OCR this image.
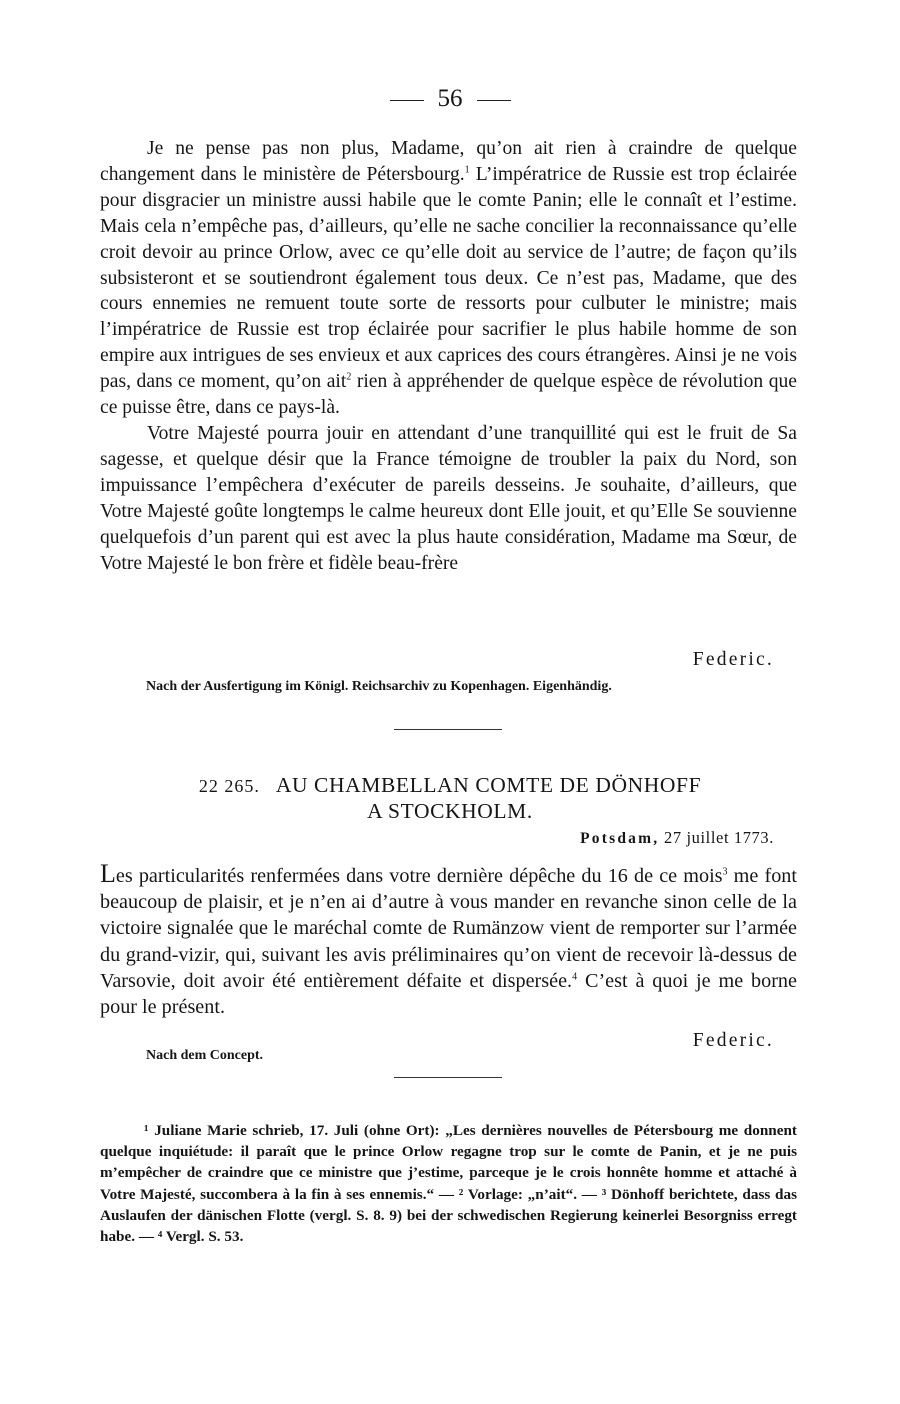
56

Je ne pense pas non plus, Madame, qu’on ait rien à craindre de quelque changement dans le ministère de Pétersbourg.$^1$ L’impératrice de Russie est trop éclairée pour disgracier un ministre aussi habile que le comte Panin; elle le connaît et l’estime. Mais cela n’empêche pas, d’ailleurs, qu’elle ne sache concilier la reconnaissance qu’elle croit devoir au prince Orlow, avec ce qu’elle doit au service de l’autre; de façon qu’ils subsisteront et se soutiendront également tous deux. Ce n’est pas, Madame, que des cours ennemies ne remuent toute sorte de ressorts pour culbuter le ministre; mais l’impératrice de Russie est trop éclairée pour sacrifier le plus habile homme de son empire aux intrigues de ses envieux et aux caprices des cours étrangères. Ainsi je ne vois pas, dans ce moment, qu’on ait$^2$ rien à appréhender de quelque espèce de révolution que ce puisse être, dans ce pays-là.

Votre Majesté pourra jouir en attendant d’une tranquillité qui est le fruit de Sa sagesse, et quelque désir que la France témoigne de troubler la paix du Nord, son impuissance l’empêchera d’exécuter de pareils desseins. Je souhaite, d’ailleurs, que Votre Majesté goûte longtemps le calme heureux dont Elle jouit, et qu’Elle Se souvienne quelquefois d’un parent qui est avec la plus haute considération, Madame ma Sœur, de Votre Majesté le bon frère et fidèle beau-frère

Federic.
Nach der Ausfertigung im Königl. Reichsarchiv zu Kopenhagen. Eigenhändig.
22 265. AU CHAMBELLAN COMTE DE DÖNHOFF
A STOCKHOLM.
Potsdam, 27 juillet 1773.

Les particularités renfermées dans votre dernière dépêche du 16 de ce mois$^3$ me font beaucoup de plaisir, et je n’en ai d’autre à vous mander en revanche sinon celle de la victoire signalée que le maréchal comte de Rumänzow vient de remporter sur l’armée du grand-vizir, qui, suivant les avis préliminaires qu’on vient de recevoir là-dessus de Varsovie, doit avoir été entièrement défaite et dispersée.$^4$ C’est à quoi je me borne pour le présent.

Federic.
Nach dem Concept.

¹ Juliane Marie schrieb, 17. Juli (ohne Ort): „Les dernières nouvelles de Pétersbourg me donnent quelque inquiétude: il paraît que le prince Orlow regagne trop sur le comte de Panin, et je ne puis m’empêcher de craindre que ce ministre que j’estime, parceque je le crois honnête homme et attaché à Votre Majesté, succombera à la fin à ses ennemis.“ — ² Vorlage: „n’ait“. — ³ Dönhoff berichtete, dass das Auslaufen der dänischen Flotte (vergl. S. 8. 9) bei der schwedischen Regierung keinerlei Besorgniss erregt habe. — ⁴ Vergl. S. 53.
